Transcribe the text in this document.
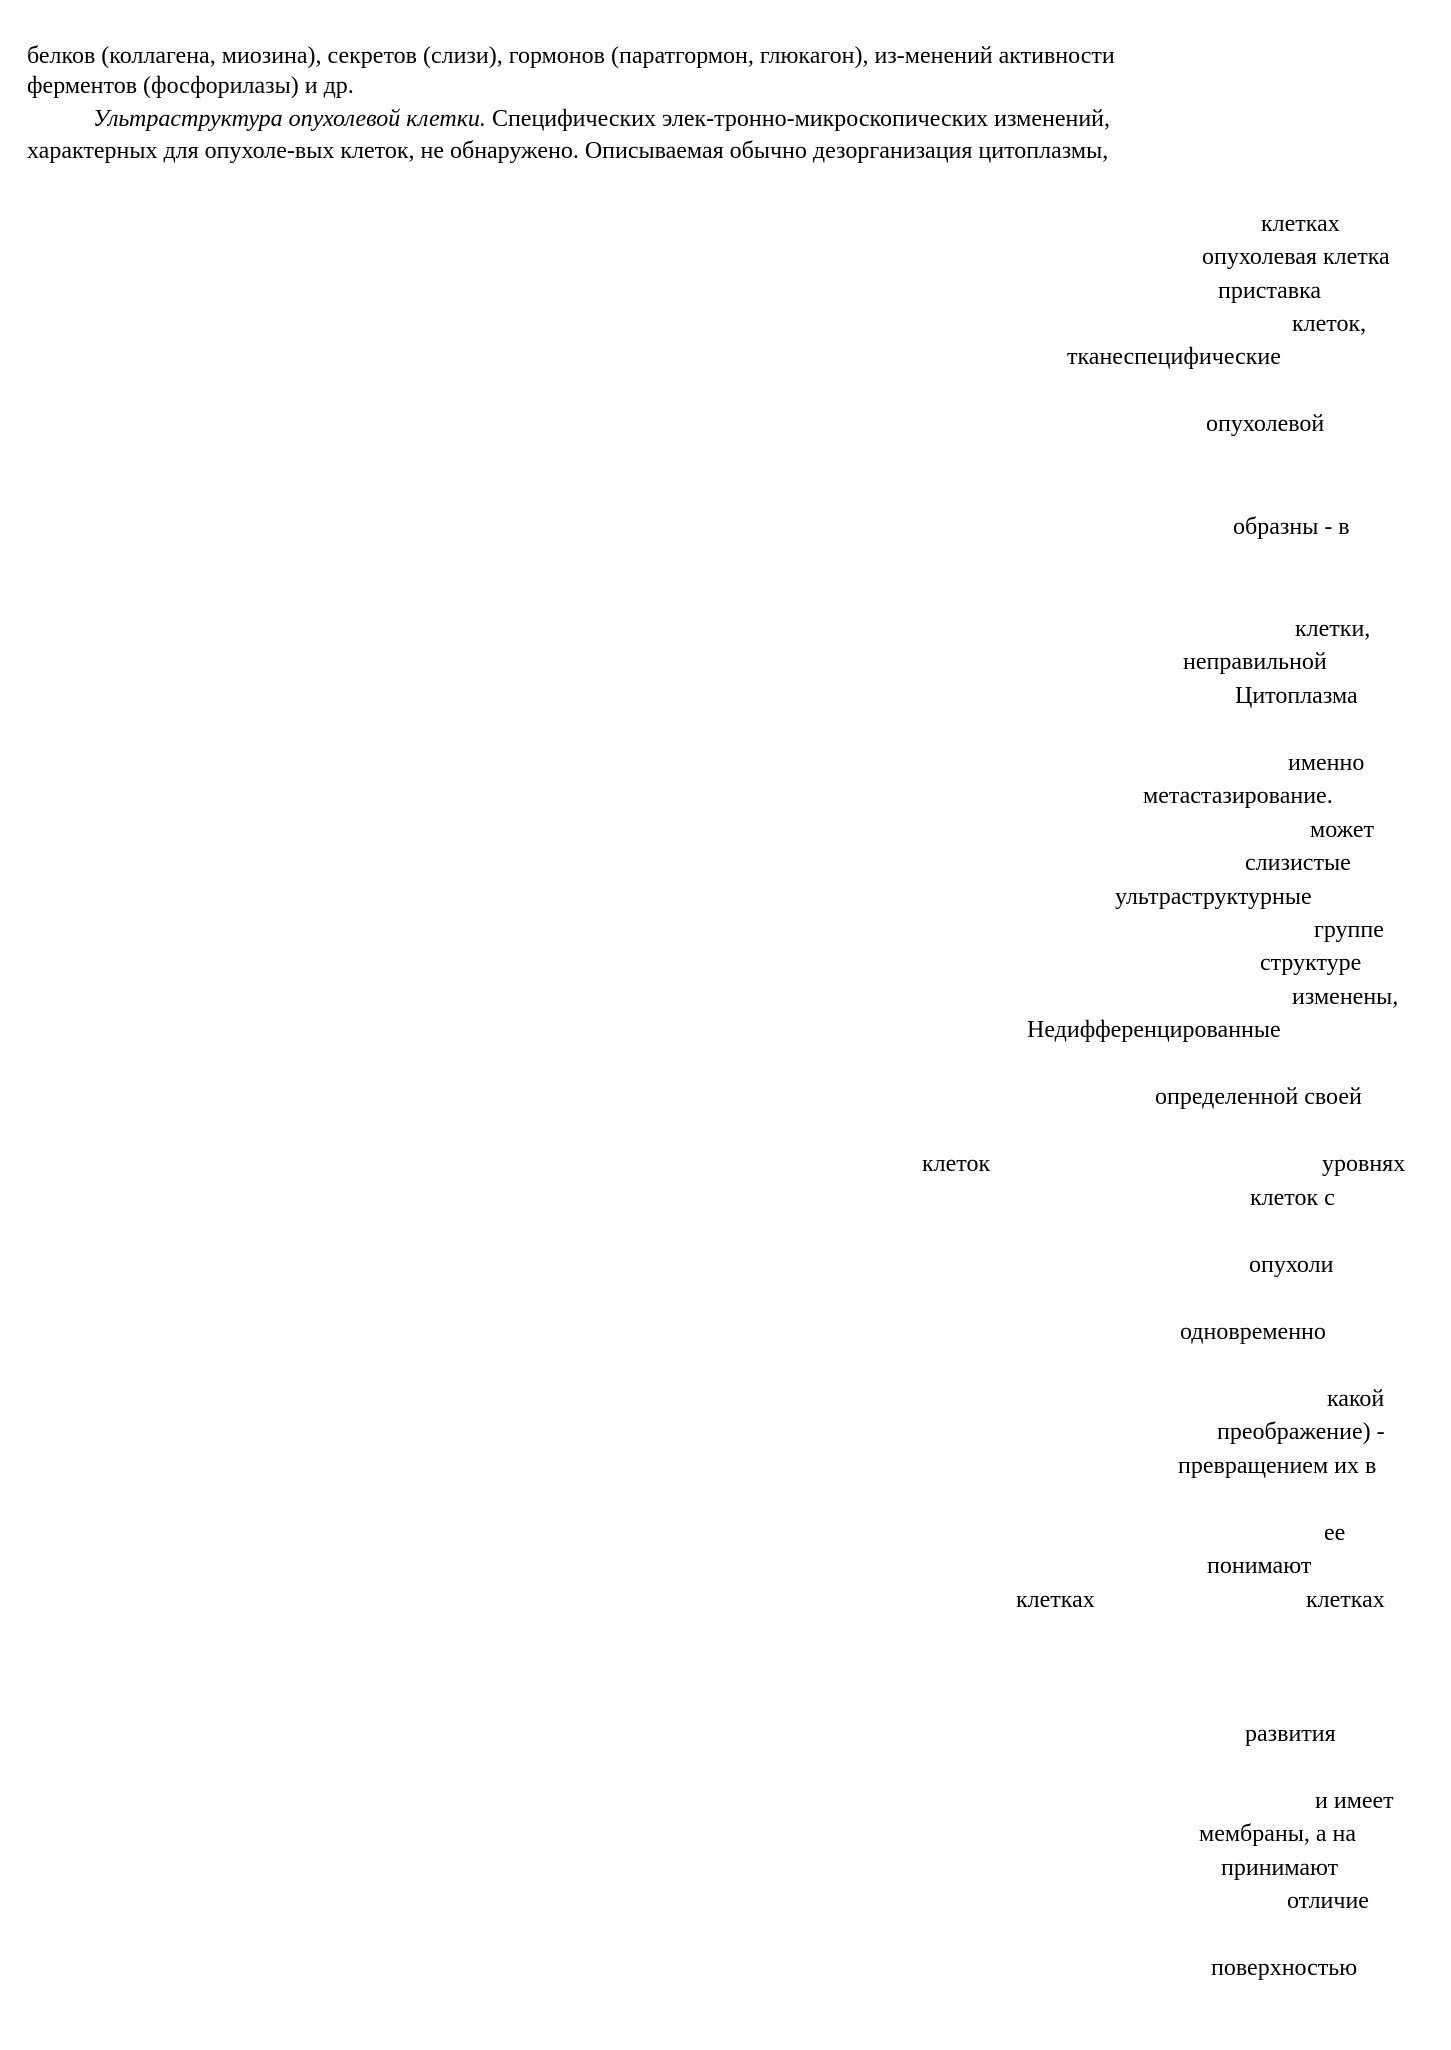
белков (коллагена, миозина), секретов (слизи), гормонов (паратгормон, глюкагон), из-менений активности
ферментов (фосфорилазы) и др.
Ультраструктура опухолевой клетки. Специфических элек-тронно-микроскопических изменений,
характерных для опухоле-вых клеток, не обнаружено. Описываемая обычно дезорганизация цитоплазмы,
клетках
опухолевая клетка
приставка
клеток,
тканеспецифические
опухолевой
образны - в
клетки,
неправильной
Цитоплазма
именно
метастазирование.
может
слизистые
ультраструктурные
группе
структуре
изменены,
Недифференцированные
определенной своей
клеток	уровнях
клеток с
опухоли
одновременно
какой
преображение) -
превращением их в
ее
понимают
клетках	клетках
развития
и имеет
мембраны, а на
принимают
отличие
поверхностью
